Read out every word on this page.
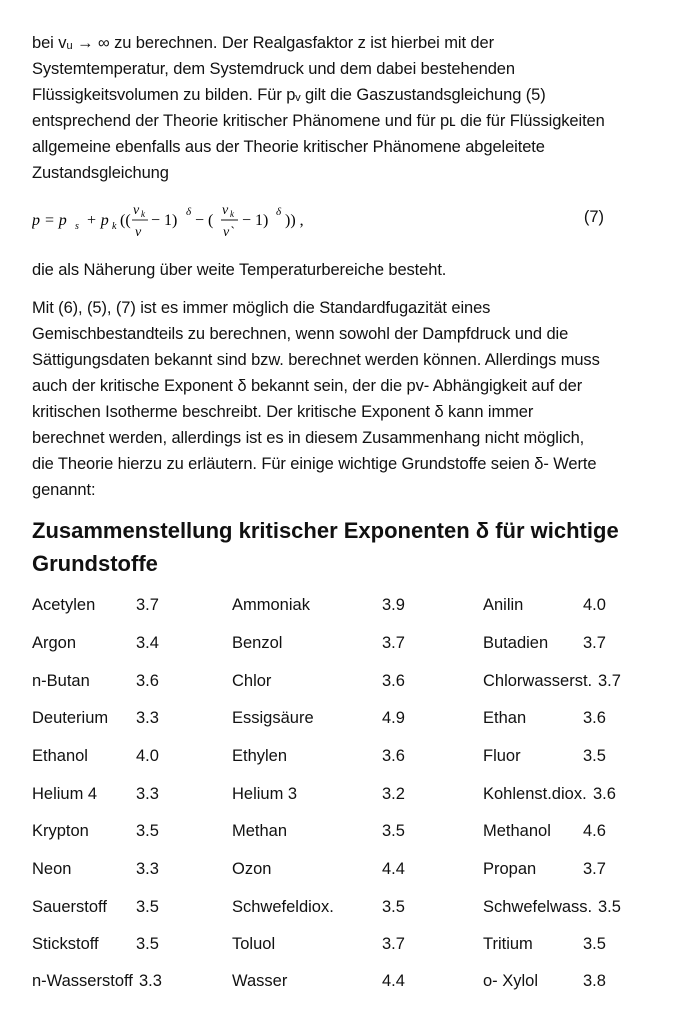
bei vᵤ → ∞ zu berechnen. Der Realgasfaktor z ist hierbei mit der
Systemtemperatur, dem Systemdruck und dem dabei bestehenden
Flüssigkeitsvolumen zu bilden. Für pᵥ gilt die Gaszustandsgleichung (5)
entsprechend der Theorie kritischer Phänomene und für pʟ die für Flüssigkeiten
allgemeine ebenfalls aus der Theorie kritischer Phänomene abgeleitete
Zustandsgleichung
p = p s + p k ((
v k
v
− 1) δ − (
v k
v`
− 1) δ )) ,	(7)
die als Näherung über weite Temperaturbereiche besteht.
Mit (6), (5), (7) ist es immer möglich die Standardfugazität eines
Gemischbestandteils zu berechnen, wenn sowohl der Dampfdruck und die
Sättigungsdaten bekannt sind bzw. berechnet werden können. Allerdings muss
auch der kritische Exponent δ bekannt sein, der die pv- Abhängigkeit auf der
kritischen Isotherme beschreibt. Der kritische Exponent δ kann immer
berechnet werden, allerdings ist es in diesem Zusammenhang nicht möglich,
die Theorie hierzu zu erläutern. Für einige wichtige Grundstoffe seien δ- Werte
genannt:
Zusammenstellung kritischer Exponenten δ für wichtige
Grundstoffe
Acetylen 3.7	Ammoniak	3.9	Anilin	4.0
Argon	3.4	Benzol	3.7	Butadien 3.7
n-Butan	3.6	Chlor	3.6	Chlorwasserst. 3.7
Deuterium 3.3	Essigsäure	4.9	Ethan	3.6
Ethanol	4.0	Ethylen	3.6	Fluor	3.5
Helium 4 3.3	Helium 3	3.2	Kohlenst.diox. 3.6
Krypton	3.5	Methan	3.5	Methanol 4.6
Neon	3.3	Ozon	4.4	Propan	3.7
Sauerstoff 3.5	Schwefeldiox.	3.5	Schwefelwass. 3.5
Stickstoff 3.5	Toluol	3.7	Tritium	3.5
n-Wasserstoff 3.3	Wasser	4.4	o- Xylol	3.8
